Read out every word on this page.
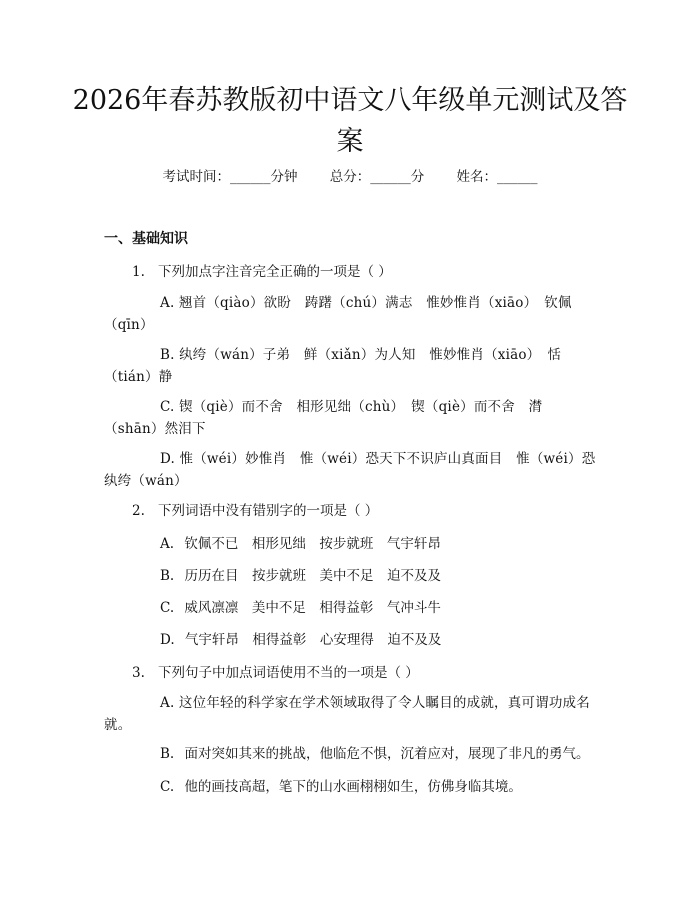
2026年春苏教版初中语文八年级单元测试及答案
考试时间：______分钟 总分：______分 姓名：______
一、基础知识
1. 下列加点字注音完全正确的一项是（ ）
A. 翘首（qiào）欲盼　踌躇（chú）满志　惟妙惟肖（xiāo）　钦佩（qīn）
B. 纨绔（wán）子弟　鲜（xiǎn）为人知　惟妙惟肖（xiāo）　恬（tián）静
C. 锲（qiè）而不舍　相形见绌（chù）　锲（qiè）而不舍　潸（shān）然泪下
D. 惟（wéi）妙惟肖　惟（wéi）恐天下不识庐山真面目　惟（wéi）恐纨绔（wán）
2. 下列词语中没有错别字的一项是（ ）
A. 钦佩不已　相形见绌　按步就班　气宇轩昂
B. 历历在目　按步就班　美中不足　迫不及及
C. 威风凛凛　美中不足　相得益彰　气冲斗牛
D. 气宇轩昂　相得益彰　心安理得　迫不及及
3. 下列句子中加点词语使用不当的一项是（ ）
A. 这位年轻的科学家在学术领域取得了令人瞩目的成就，真可谓功成名就。
B. 面对突如其来的挑战，他临危不惧，沉着应对，展现了非凡的勇气。
C. 他的画技高超，笔下的山水画栩栩如生，仿佛身临其境。
